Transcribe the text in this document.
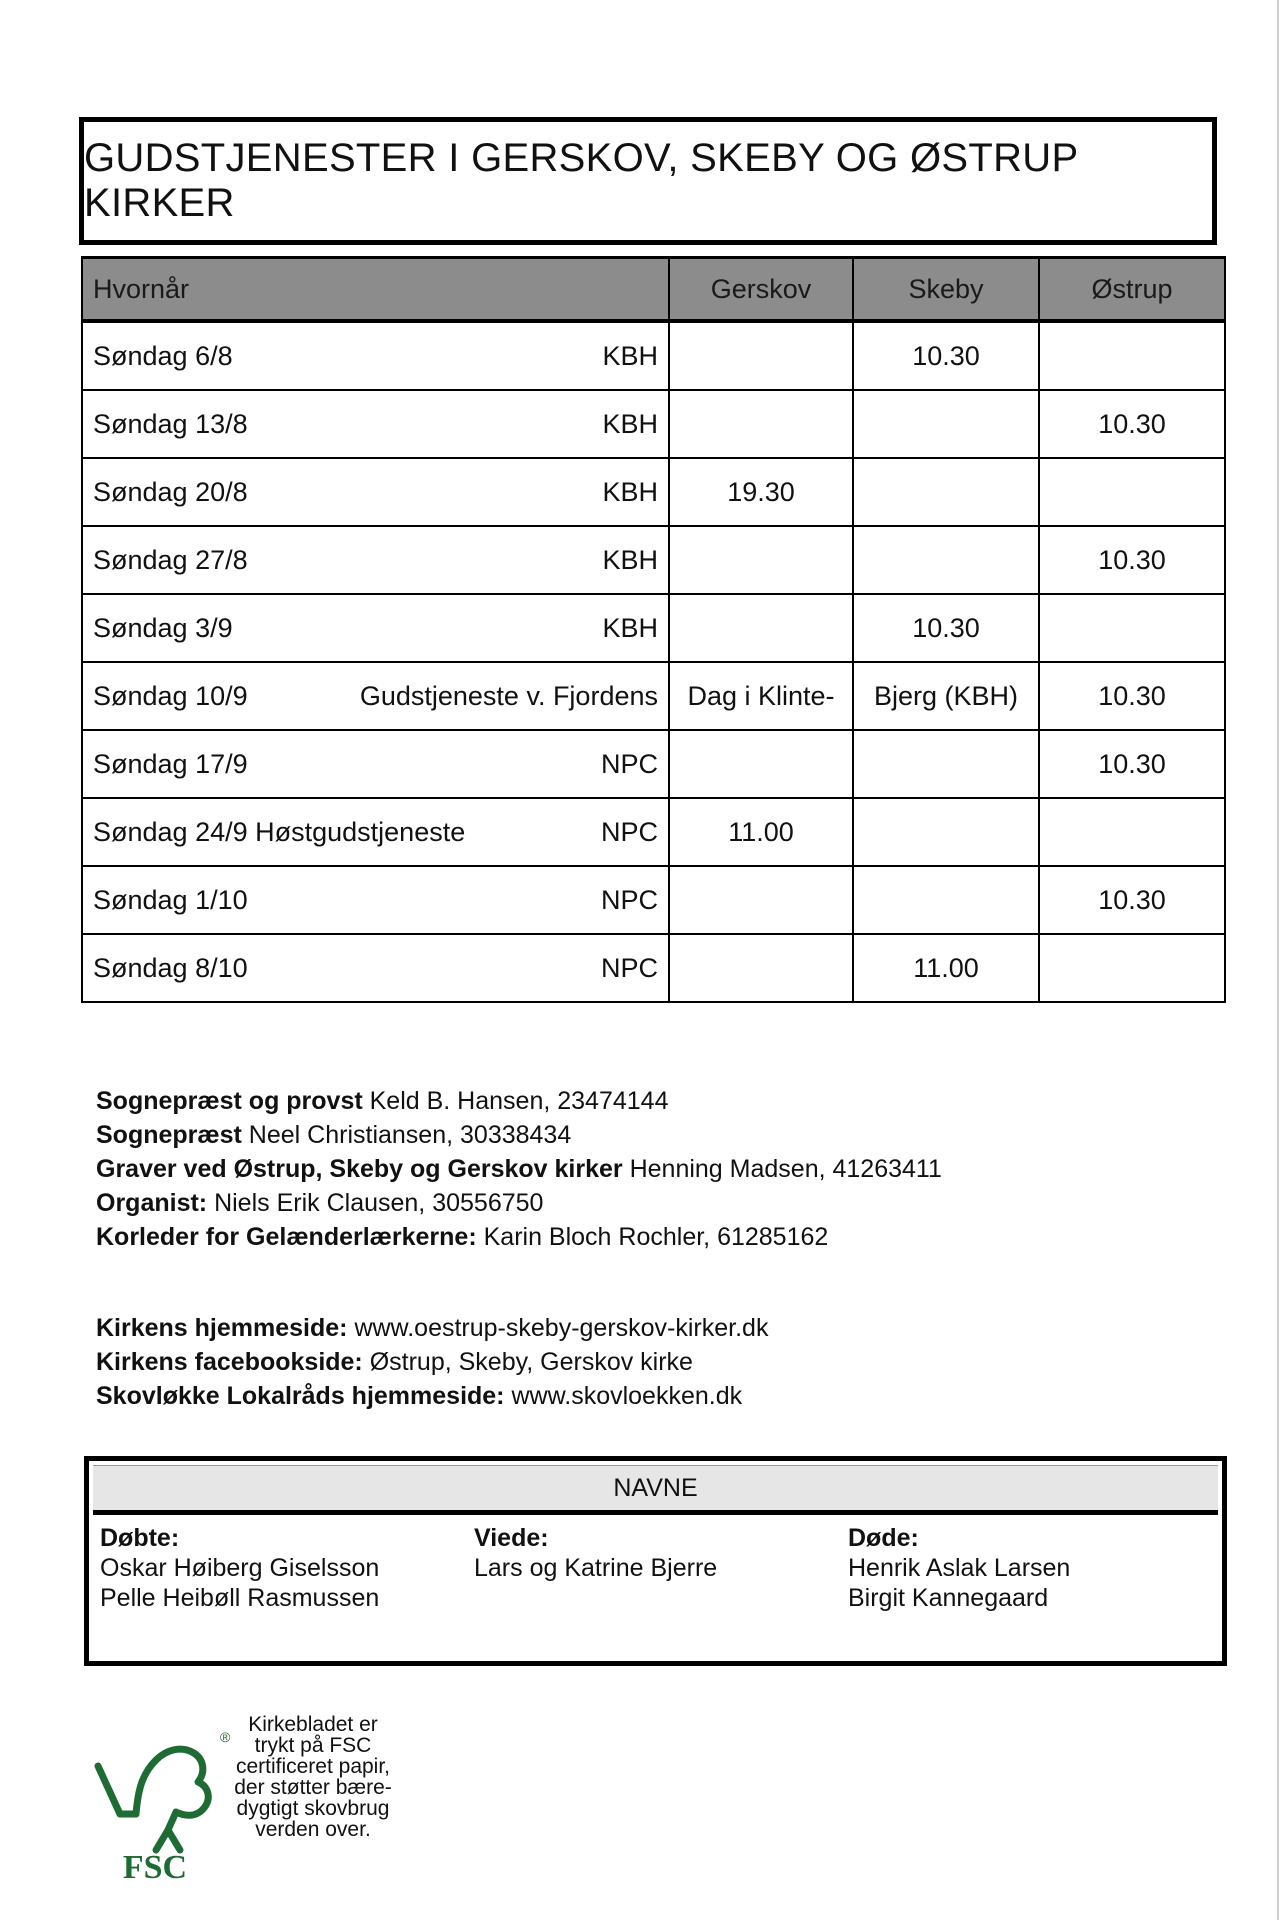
GUDSTJENESTER I GERSKOV, SKEBY OG ØSTRUP KIRKER
Hvornår	Gerskov	Skeby	Østrup

Søndag 6/8 KBH		10.30	

Søndag 13/8 KBH			10.30

Søndag 20/8 KBH	19.30		

Søndag 27/8 KBH			10.30

Søndag 3/9 KBH		10.30	

Søndag 10/9 Gudstjeneste v. Fjordens	Dag i Klinte-	Bjerg (KBH)	10.30

Søndag 17/9 NPC			10.30

Søndag 24/9 Høstgudstjeneste NPC	11.00		

Søndag 1/10 NPC			10.30

Søndag 8/10 NPC		11.00	
Sognepræst og provst Keld B. Hansen, 23474144
Sognepræst Neel Christiansen, 30338434
Graver ved Østrup, Skeby og Gerskov kirker Henning Madsen, 41263411
Organist: Niels Erik Clausen, 30556750
Korleder for Gelænderlærkerne: Karin Bloch Rochler, 61285162
Kirkens hjemmeside: www.oestrup-skeby-gerskov-kirker.dk
Kirkens facebookside: Østrup, Skeby, Gerskov kirke
Skovløkke Lokalråds hjemmeside: www.skovloekken.dk
NAVNE
Døbte:
Oskar Høiberg Giselsson
Pelle Heibøll Rasmussen
Viede:
Lars og Katrine Bjerre
Døde:
Henrik Aslak Larsen
Birgit Kannegaard
®
FSC
Kirkebladet er
trykt på FSC
certificeret papir,
der støtter bære-
dygtigt skovbrug
verden over.
